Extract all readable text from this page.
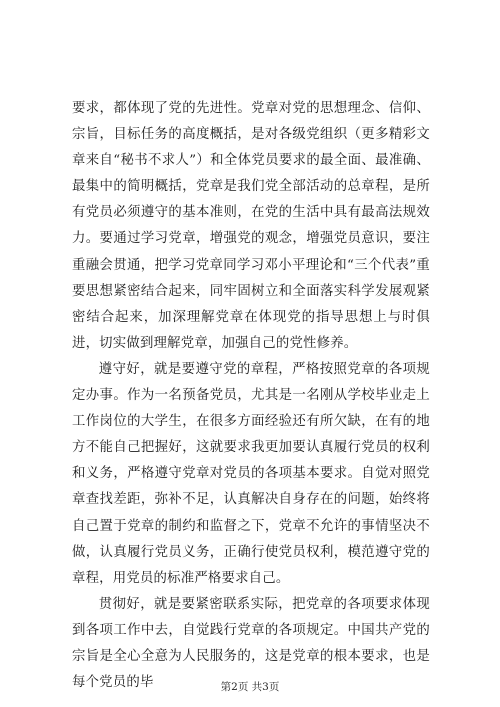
要求，都体现了党的先进性。党章对党的思想理念、信仰、宗旨，目标任务的高度概括，是对各级党组织（更多精彩文章来自“秘书不求人”）和全体党员要求的最全面、最准确、最集中的简明概括，党章是我们党全部活动的总章程，是所有党员必须遵守的基本准则，在党的生活中具有最高法规效力。要通过学习党章，增强党的观念，增强党员意识，要注重融会贯通，把学习党章同学习邓小平理论和“三个代表”重要思想紧密结合起来，同牢固树立和全面落实科学发展观紧密结合起来，加深理解党章在体现党的指导思想上与时俱进，切实做到理解党章，加强自己的党性修养。

遵守好，就是要遵守党的章程，严格按照党章的各项规定办事。作为一名预备党员，尤其是一名刚从学校毕业走上工作岗位的大学生，在很多方面经验还有所欠缺，在有的地方不能自己把握好，这就要求我更加要认真履行党员的权利和义务，严格遵守党章对党员的各项基本要求。自觉对照党章查找差距，弥补不足，认真解决自身存在的问题，始终将自己置于党章的制约和监督之下，党章不允许的事情坚决不做，认真履行党员义务，正确行使党员权利，模范遵守党的章程，用党员的标准严格要求自己。

贯彻好，就是要紧密联系实际，把党章的各项要求体现到各项工作中去，自觉践行党章的各项规定。中国共产党的宗旨是全心全意为人民服务的，这是党章的根本要求，也是每个党员的毕	第2页 共3页
